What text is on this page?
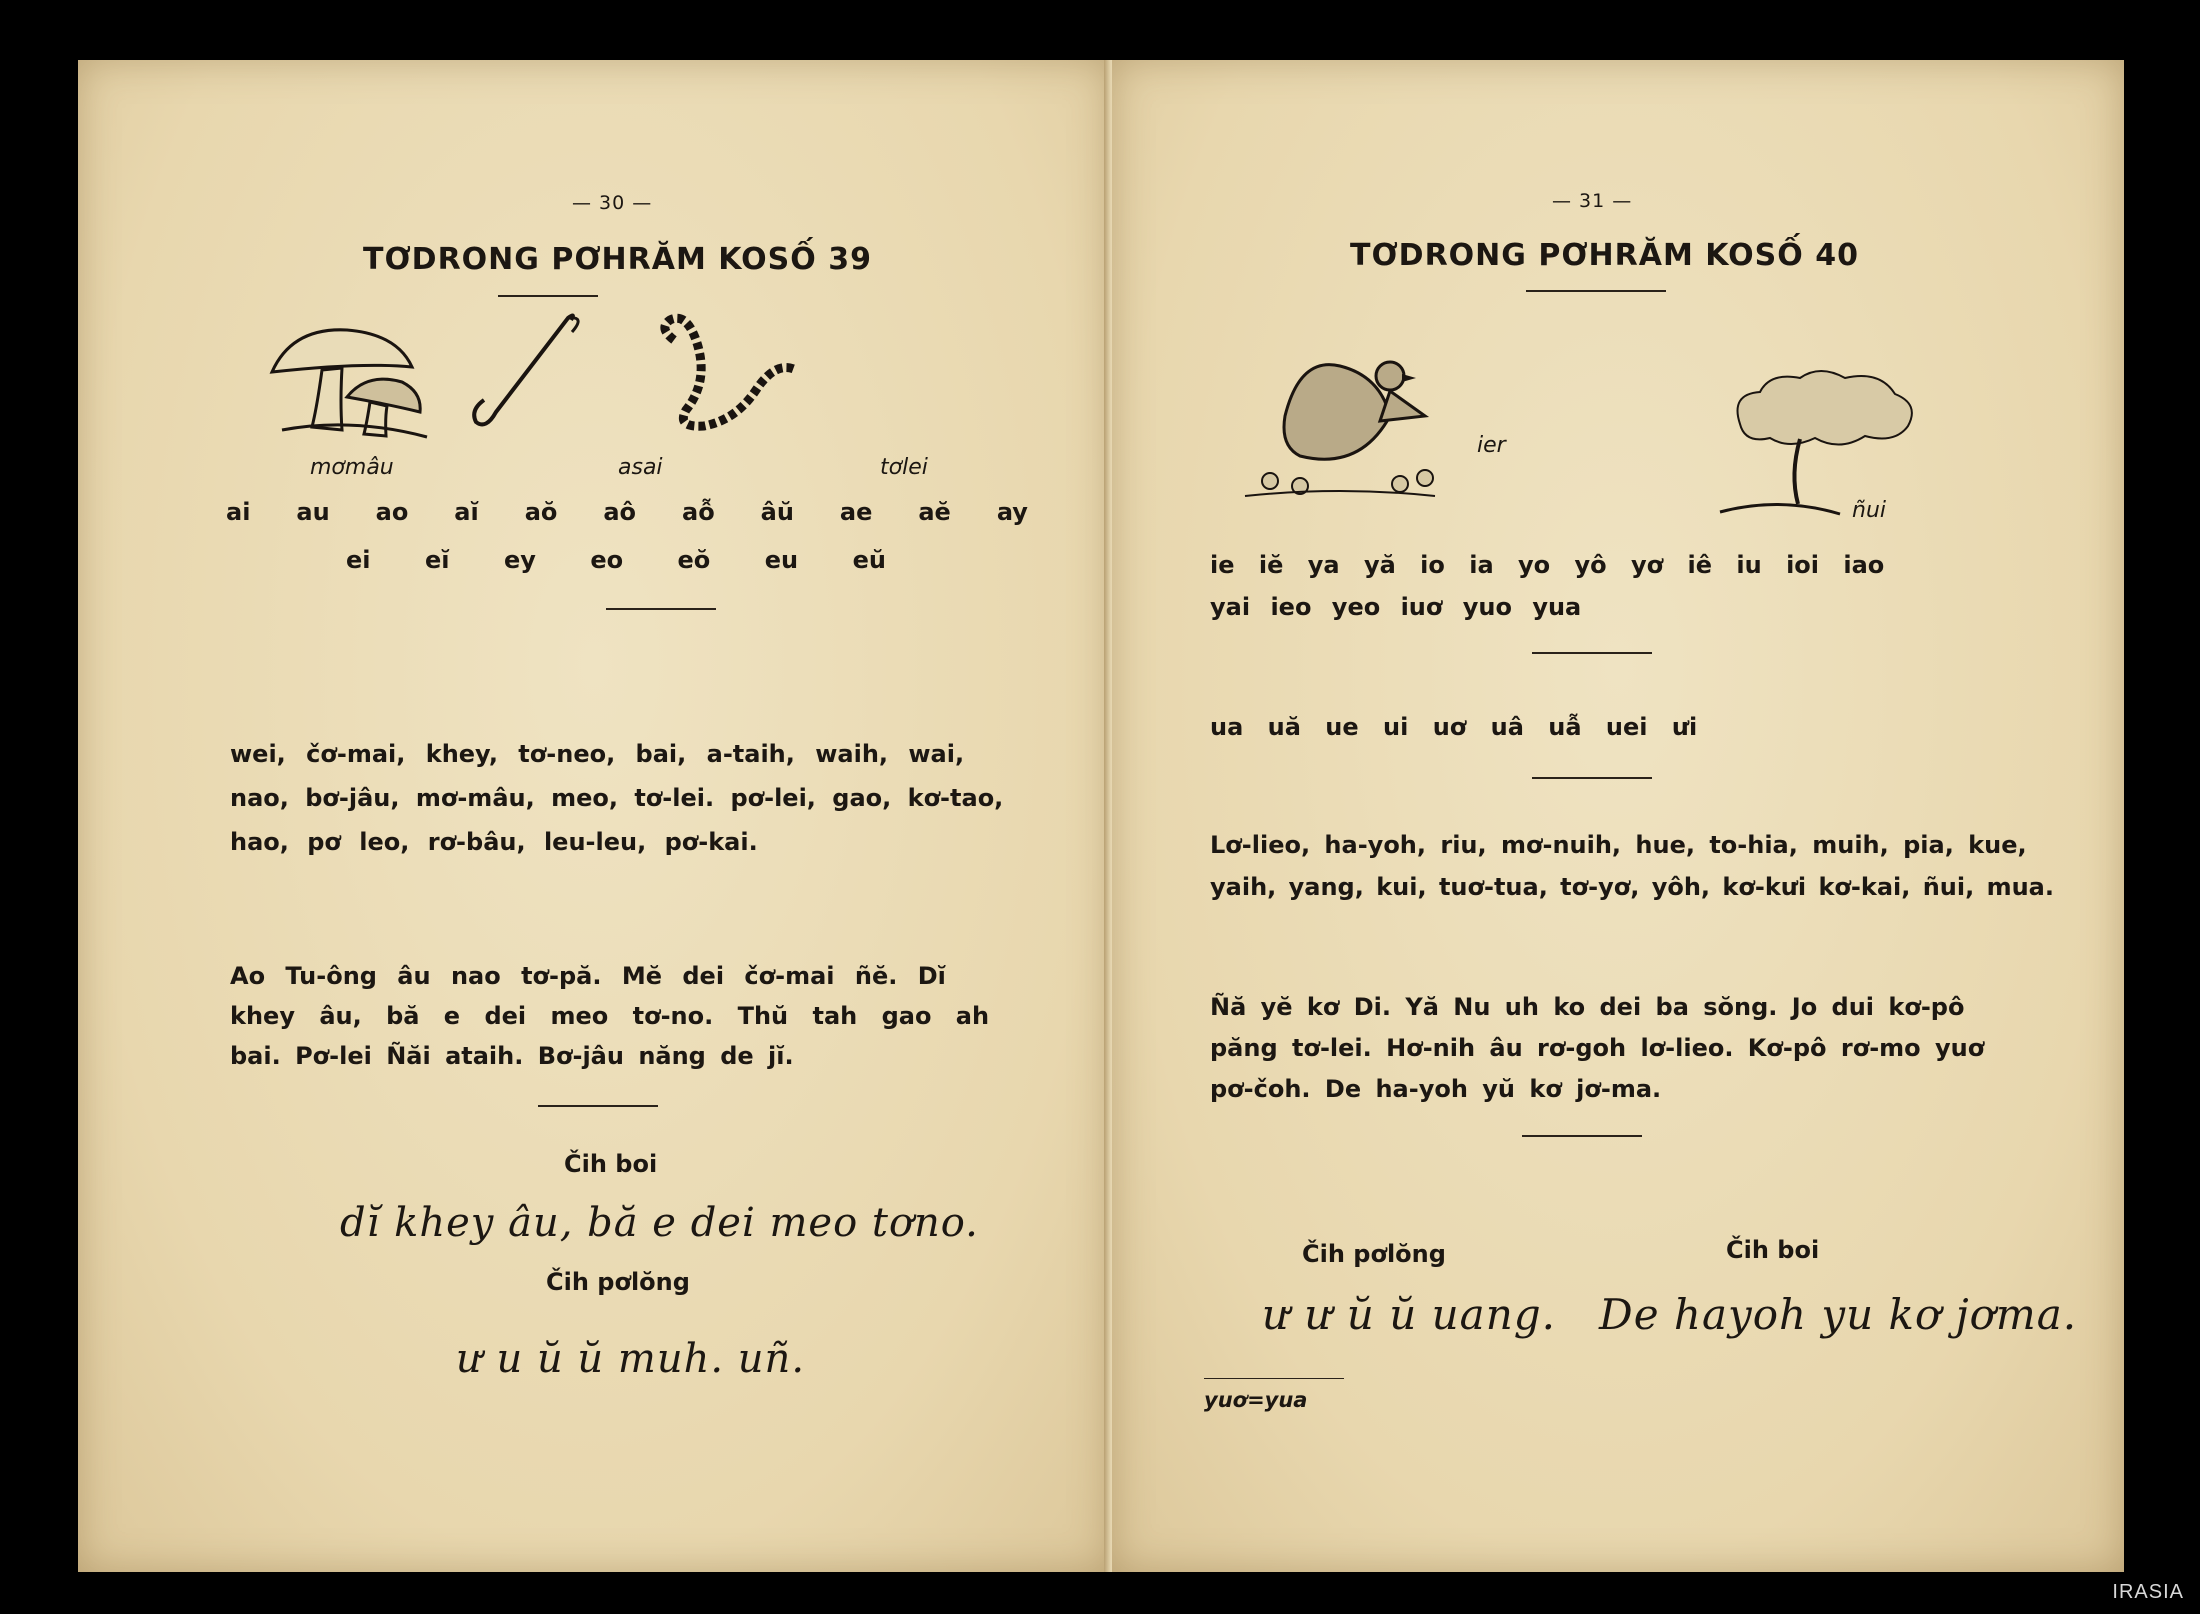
— 30 —
TƠDRONG PƠHRĂM KOSỐ 39
mơmâu	asai	tơlei
ai au ao aĭ aŏ aô aỗ âŭ ae aĕ ay
ei eĭ ey eo eŏ eu eŭ
wei, čơ-mai, khey, tơ-neo, bai, a-taih, waih, wai,
nao, bơ-jâu, mơ-mâu, meo, tơ-lei. pơ-lei, gao, kơ-tao,
hao, pơ leo, rơ-bâu, leu-leu, pơ-kai.
Ao Tu-ông âu nao tơ-pă. Mĕ dei čơ-mai ñĕ. Dĭ
khey âu, bă e dei meo tơ-no. Thŭ tah gao ah
bai. Pơ-lei Ñăi ataih. Bơ-jâu năng de jĭ.
Čih boi
dĭ khey âu, bă e dei meo tơno.
Čih pơlŏng
ư u ŭ ŭ muh. uñ.
— 31 —
TƠDRONG PƠHRĂM KOSỐ 40
ier
ñui
ie iĕ ya yă io ia yo yô yơ iê iu ioi iao
yai ieo yeo iuơ yuo yua
ua uă ue ui uơ uâ uẫ uei ưi
Lơ-lieo, ha-yoh, riu, mơ-nuih, hue, to-hia, muih, pia, kue,
yaih, yang, kui, tuơ-tua, tơ-yơ, yôh, kơ-kưi kơ-kai, ñui, mua.
Ñă yĕ kơ Di. Yă Nu uh ko dei ba sŏng. Jo dui kơ-pô
păng tơ-lei. Hơ-nih âu rơ-goh lơ-lieo. Kơ-pô rơ-mo yuơ
pơ-čoh. De ha-yoh yŭ kơ jơ-ma.
Čih pơlŏng	Čih boi
ư ư ŭ ŭ uang.   De hayoh yu kơ jơma.
yuơ=yua
IRASIA
